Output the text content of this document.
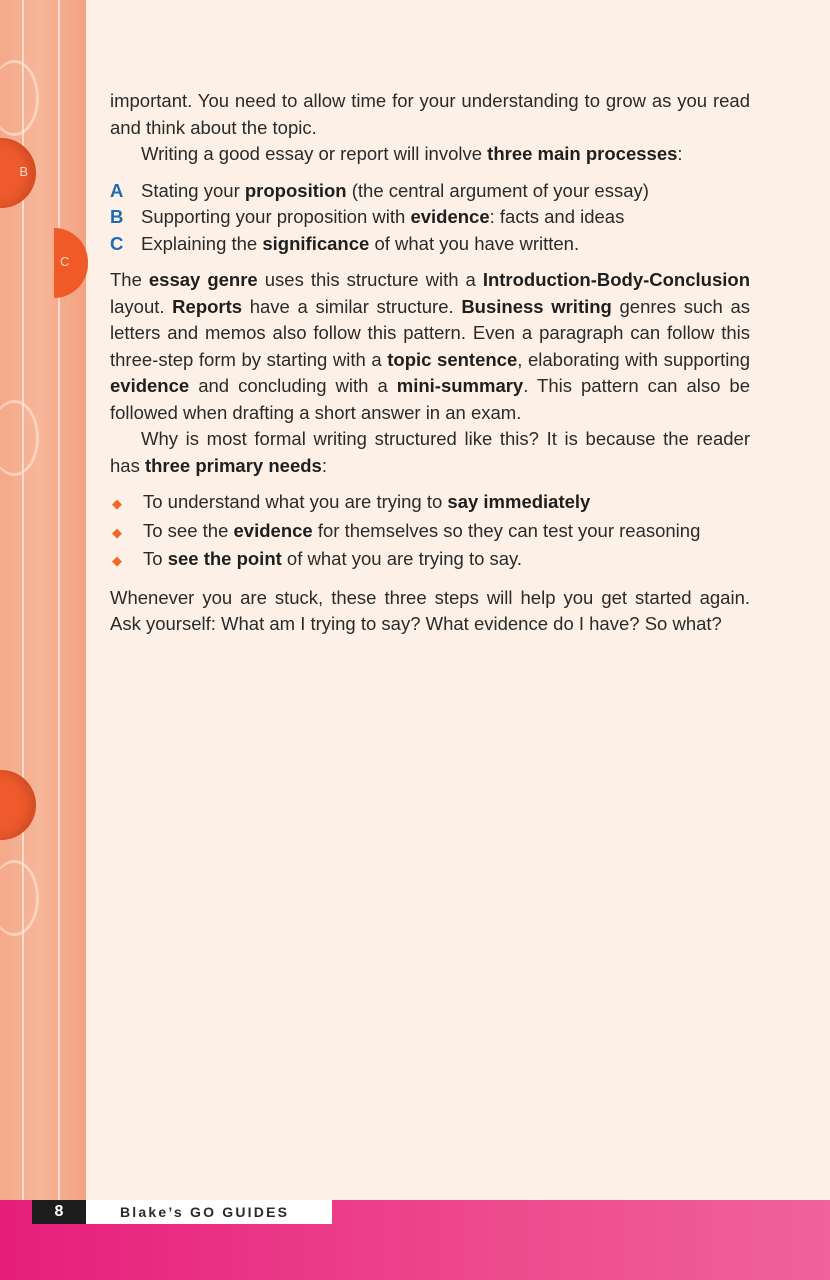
B
C

important. You need to allow time for your understanding to grow as you read and think about the topic.

Writing a good essay or report will involve three main processes:

A Stating your proposition (the central argument of your essay)
B Supporting your proposition with evidence: facts and ideas
C Explaining the significance of what you have written.

The essay genre uses this structure with a Introduction-Body-Conclusion layout. Reports have a similar structure. Business writing genres such as letters and memos also follow this pattern. Even a paragraph can follow this three-step form by starting with a topic sentence, elaborating with supporting evidence and concluding with a mini-summary. This pattern can also be followed when drafting a short answer in an exam.

Why is most formal writing structured like this? It is because the reader has three primary needs:

◆	To understand what you are trying to say immediately
◆	To see the evidence for themselves so they can test your reasoning
◆	To see the point of what you are trying to say.

Whenever you are stuck, these three steps will help you get started again. Ask yourself: What am I trying to say? What evidence do I have? So what?

8	Blake’s GO GUIDES
